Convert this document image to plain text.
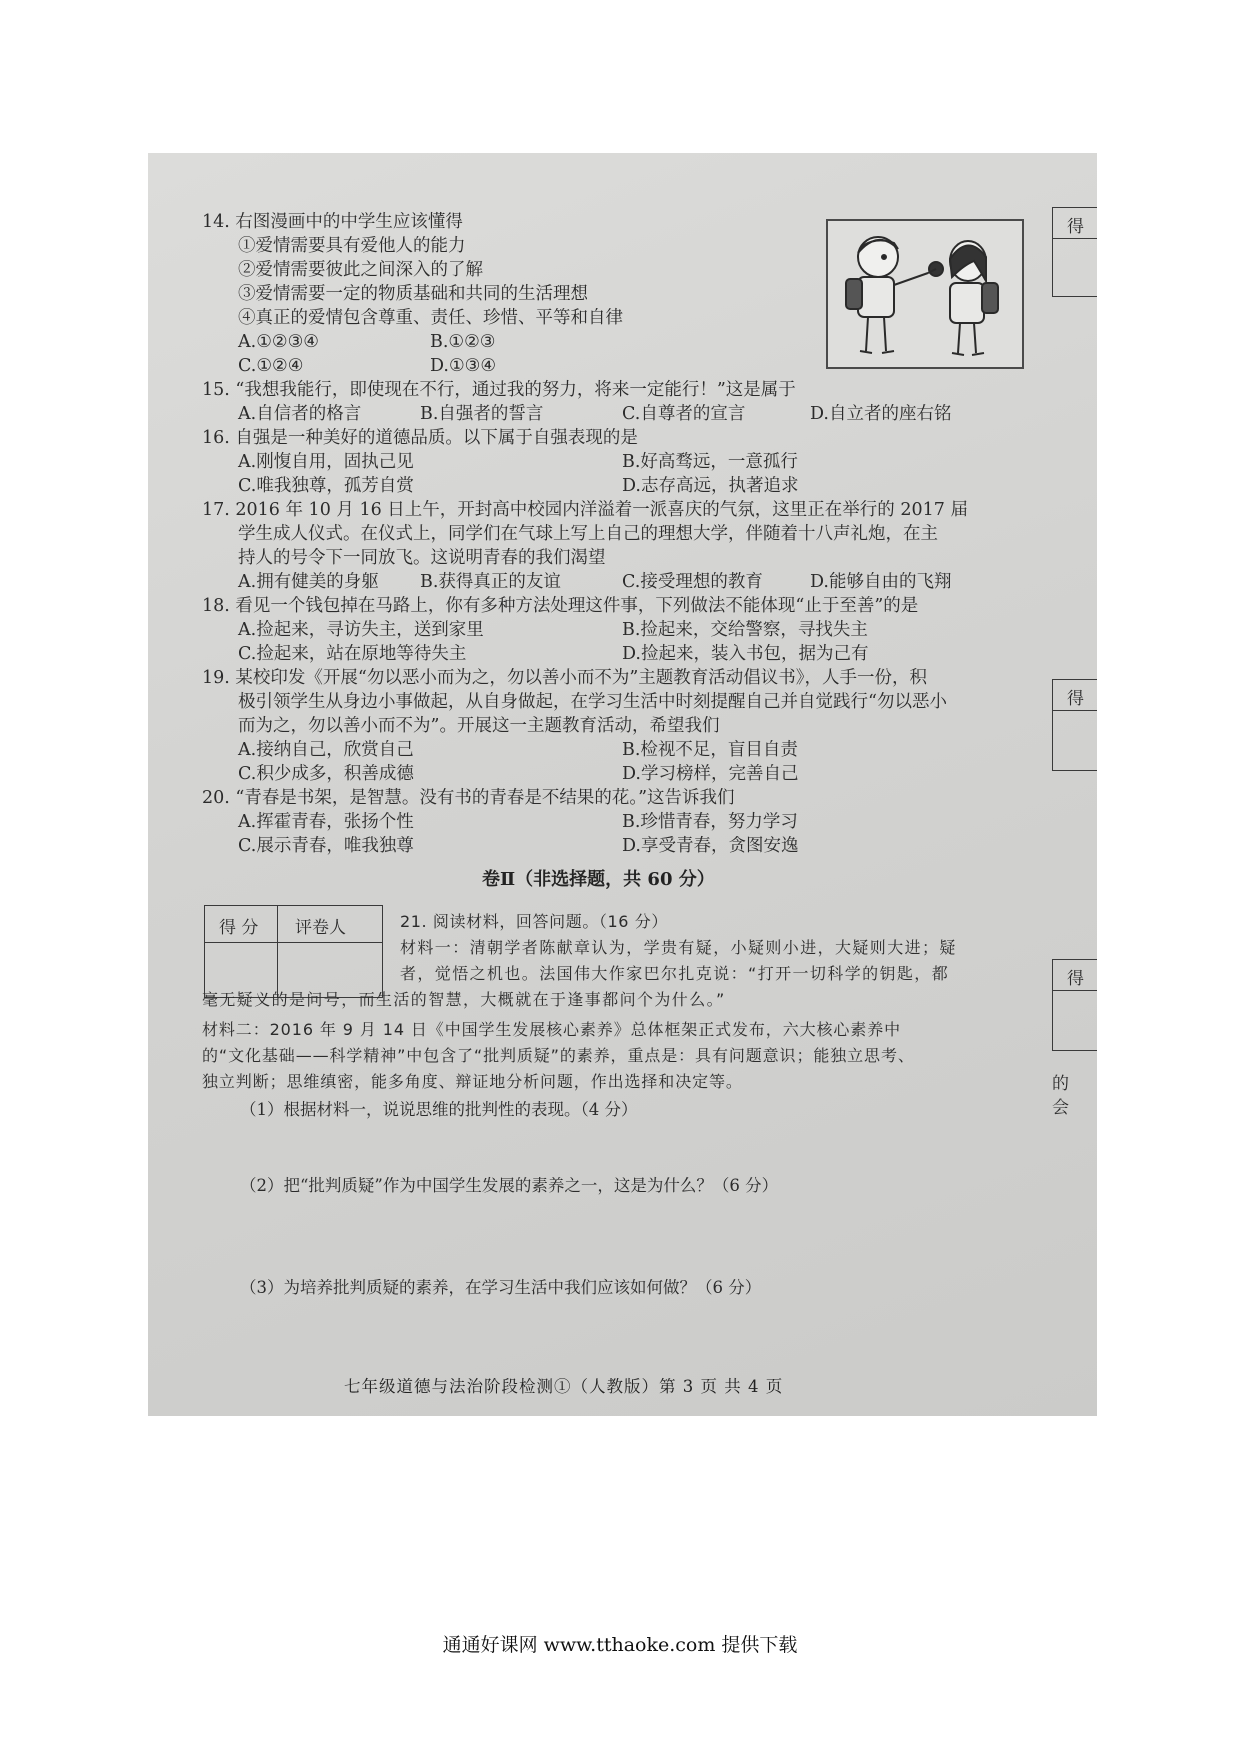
14. 右图漫画中的中学生应该懂得
①爱情需要具有爱他人的能力
②爱情需要彼此之间深入的了解
③爱情需要一定的物质基础和共同的生活理想
④真正的爱情包含尊重、责任、珍惜、平等和自律
A.①②③④	B.①②③
C.①②④	D.①③④
15. “我想我能行，即使现在不行，通过我的努力，将来一定能行！”这是属于
A.自信者的格言	B.自强者的誓言	C.自尊者的宣言	D.自立者的座右铭
16. 自强是一种美好的道德品质。以下属于自强表现的是
A.刚愎自用，固执己见	B.好高骛远，一意孤行
C.唯我独尊，孤芳自赏	D.志存高远，执著追求
17. 2016 年 10 月 16 日上午，开封高中校园内洋溢着一派喜庆的气氛，这里正在举行的 2017 届
学生成人仪式。在仪式上，同学们在气球上写上自己的理想大学，伴随着十八声礼炮，在主
持人的号令下一同放飞。这说明青春的我们渴望
A.拥有健美的身躯 B.获得真正的友谊	C.接受理想的教育	D.能够自由的飞翔
18. 看见一个钱包掉在马路上，你有多种方法处理这件事，下列做法不能体现“止于至善”的是
A.捡起来，寻访失主，送到家里	B.捡起来，交给警察，寻找失主
C.捡起来，站在原地等待失主	D.捡起来，装入书包，据为己有
19. 某校印发《开展“勿以恶小而为之，勿以善小而不为”主题教育活动倡议书》，人手一份，积
极引领学生从身边小事做起，从自身做起，在学习生活中时刻提醒自己并自觉践行“勿以恶小
而为之，勿以善小而不为”。开展这一主题教育活动，希望我们
A.接纳自己，欣赏自己	B.检视不足，盲目自责
C.积少成多，积善成德	D.学习榜样，完善自己
20. “青春是书架，是智慧。没有书的青春是不结果的花。”这告诉我们
A.挥霍青春，张扬个性	B.珍惜青春，努力学习
C.展示青春，唯我独尊	D.享受青春，贪图安逸
卷Ⅱ（非选择题，共 60 分）
得 分 评卷人
得
得
得
的
会
21. 阅读材料，回答问题。（16 分）
材料一：清朝学者陈献章认为，学贵有疑，小疑则小进，大疑则大进；疑
者，觉悟之机也。法国伟大作家巴尔扎克说：“打开一切科学的钥匙，都
毫无疑义的是问号，而生活的智慧，大概就在于逢事都问个为什么。”
材料二：2016 年 9 月 14 日《中国学生发展核心素养》总体框架正式发布，六大核心素养中
的“文化基础——科学精神”中包含了“批判质疑”的素养，重点是：具有问题意识；能独立思考、
独立判断；思维缜密，能多角度、辩证地分析问题，作出选择和决定等。
（1）根据材料一，说说思维的批判性的表现。（4 分）
（2）把“批判质疑”作为中国学生发展的素养之一，这是为什么？（6 分）
（3）为培养批判质疑的素养，在学习生活中我们应该如何做？（6 分）
七年级道德与法治阶段检测①（人教版）第 3 页 共 4 页
通通好课网 www.tthaoke.com 提供下载
